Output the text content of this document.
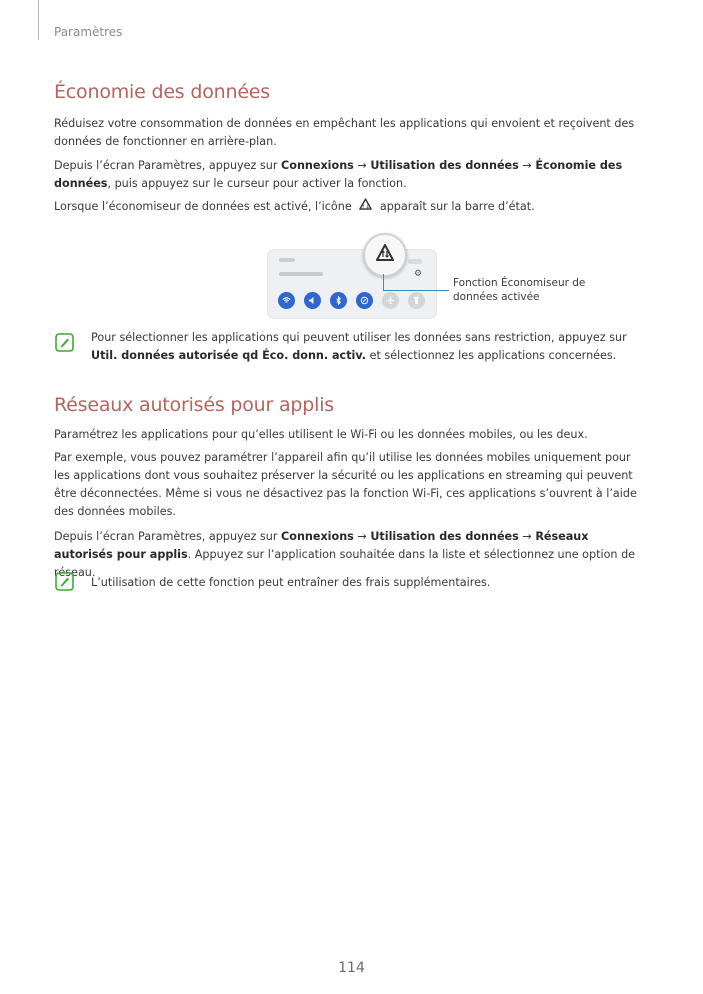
Paramètres
Économie des données

Réduisez votre consommation de données en empêchant les applications qui envoient et reçoivent des données de fonctionner en arrière-plan.

Depuis l’écran Paramètres, appuyez sur Connexions → Utilisation des données → Économie des données, puis appuyez sur le curseur pour activer la fonction.

Lorsque l’économiseur de données est activé, l’icône ↑↓ apparaît sur la barre d’état.

⚙
Fonction Économiseur de données activée

Pour sélectionner les applications qui peuvent utiliser les données sans restriction, appuyez sur Util. données autorisée qd Éco. donn. activ. et sélectionnez les applications concernées.

Réseaux autorisés pour applis

Paramétrez les applications pour qu’elles utilisent le Wi-Fi ou les données mobiles, ou les deux.

Par exemple, vous pouvez paramétrer l’appareil afin qu’il utilise les données mobiles uniquement pour les applications dont vous souhaitez préserver la sécurité ou les applications en streaming qui peuvent être déconnectées. Même si vous ne désactivez pas la fonction Wi-Fi, ces applications s’ouvrent à l’aide des données mobiles.

Depuis l’écran Paramètres, appuyez sur Connexions → Utilisation des données → Réseaux autorisés pour applis. Appuyez sur l’application souhaitée dans la liste et sélectionnez une option de réseau.

L’utilisation de cette fonction peut entraîner des frais supplémentaires.

114
